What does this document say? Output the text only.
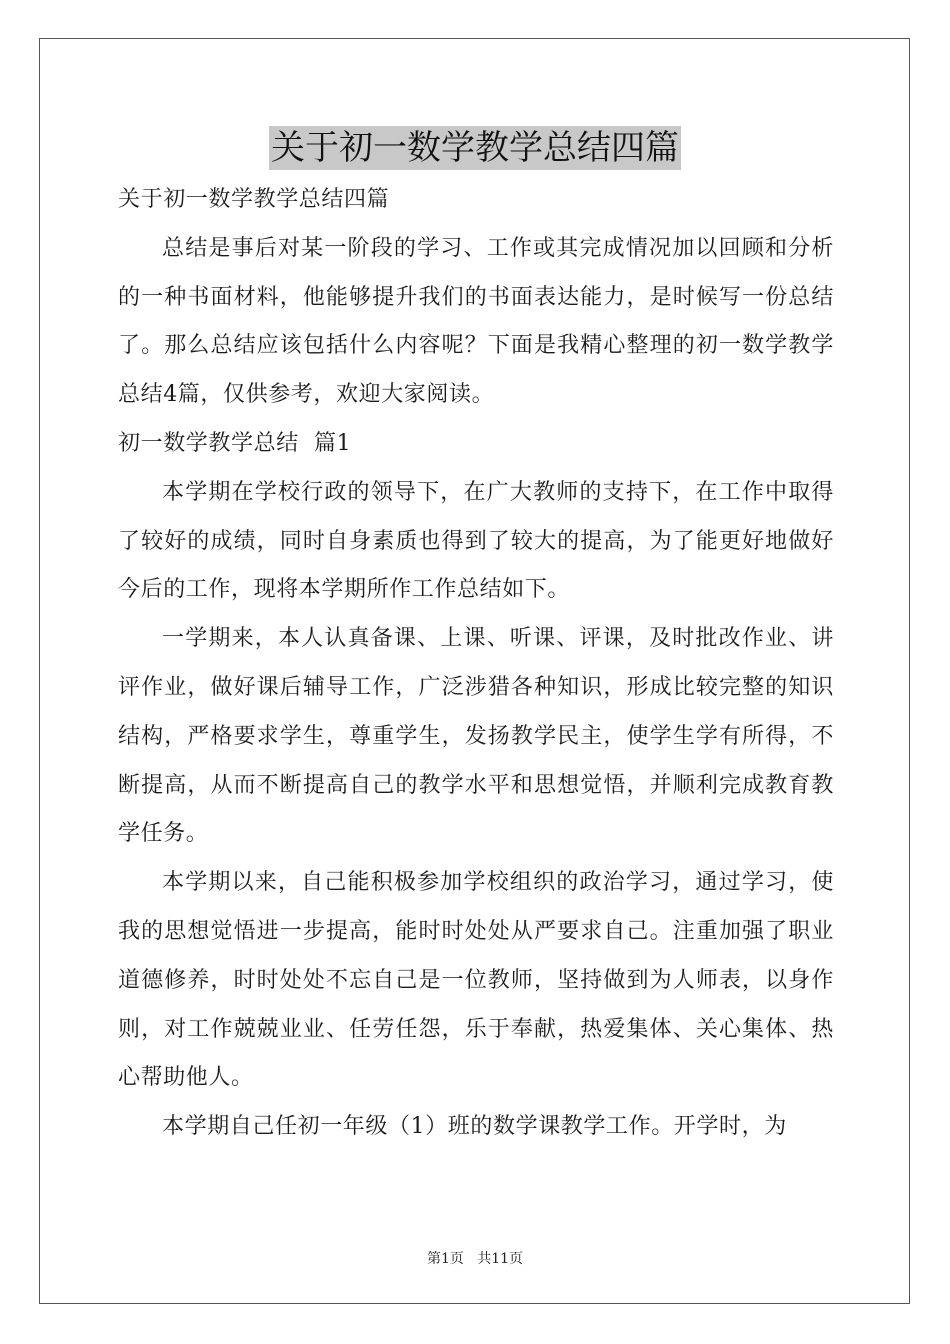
关于初一数学教学总结四篇

关于初一数学教学总结四篇

总结是事后对某一阶段的学习、工作或其完成情况加以回顾和分析的一种书面材料，他能够提升我们的书面表达能力，是时候写一份总结了。那么总结应该包括什么内容呢？下面是我精心整理的初一数学教学总结4篇，仅供参考，欢迎大家阅读。

初一数学教学总结  篇1

本学期在学校行政的领导下，在广大教师的支持下，在工作中取得了较好的成绩，同时自身素质也得到了较大的提高，为了能更好地做好今后的工作，现将本学期所作工作总结如下。

一学期来，本人认真备课、上课、听课、评课，及时批改作业、讲评作业，做好课后辅导工作，广泛涉猎各种知识，形成比较完整的知识结构，严格要求学生，尊重学生，发扬教学民主，使学生学有所得，不断提高，从而不断提高自己的教学水平和思想觉悟，并顺利完成教育教学任务。

本学期以来，自己能积极参加学校组织的政治学习，通过学习，使我的思想觉悟进一步提高，能时时处处从严要求自己。注重加强了职业道德修养，时时处处不忘自己是一位教师，坚持做到为人师表，以身作则，对工作兢兢业业、任劳任怨，乐于奉献，热爱集体、关心集体、热心帮助他人。

本学期自己任初一年级（1）班的数学课教学工作。开学时，为

第1页   共11页
